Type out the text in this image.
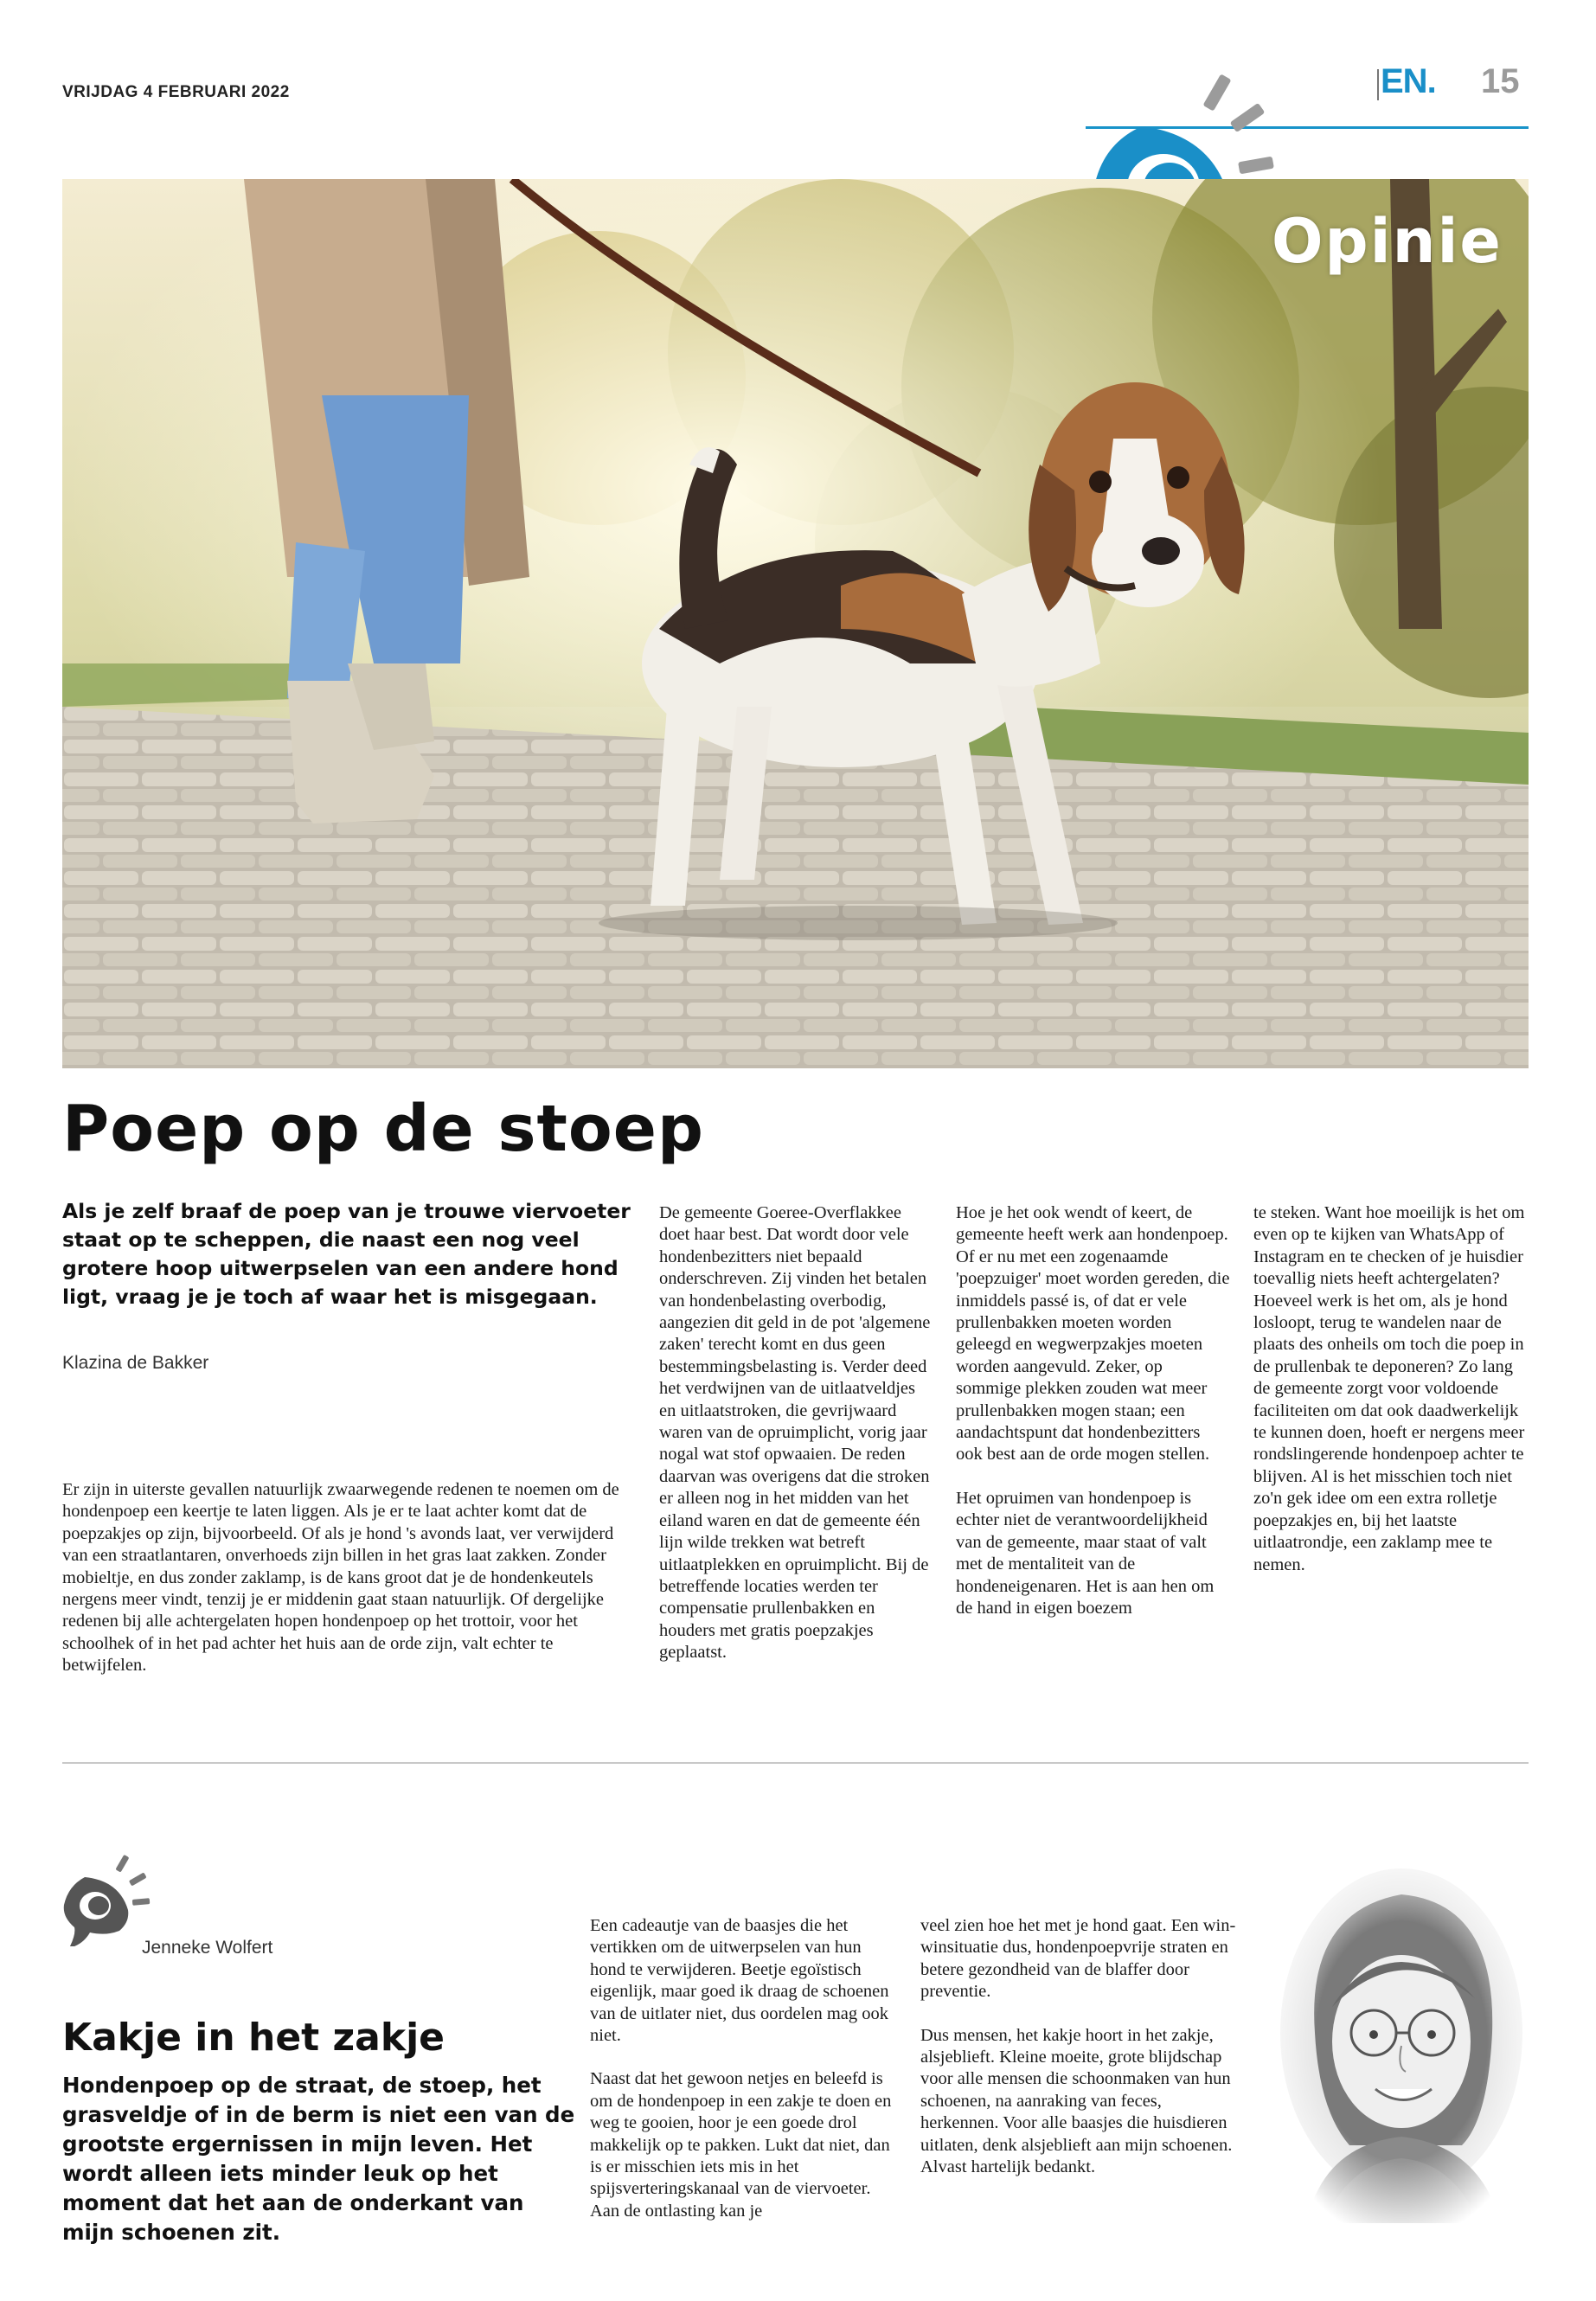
VRIJDAG 4 FEBRUARI 2022	EN. 15
Opinie
Poep op de stoep
Als je zelf braaf de poep van je trouwe viervoeter staat op te scheppen, die naast een nog veel grotere hoop uitwerpselen van een andere hond ligt, vraag je je toch af waar het is misgegaan.
Klazina de Bakker

Er zijn in uiterste gevallen natuurlijk zwaarwegende redenen te noemen om de hondenpoep een keertje te laten liggen. Als je er te laat achter komt dat de poepzakjes op zijn, bijvoorbeeld. Of als je hond 's avonds laat, ver verwijderd van een straatlantaren, onverhoeds zijn billen in het gras laat zakken. Zonder mobieltje, en dus zonder zaklamp, is de kans groot dat je de hondenkeutels nergens meer vindt, tenzij je er middenin gaat staan natuurlijk. Of dergelijke redenen bij alle achtergelaten hopen hondenpoep op het trottoir, voor het schoolhek of in het pad achter het huis aan de orde zijn, valt echter te betwijfelen.

De gemeente Goeree-Overflakkee doet haar best. Dat wordt door vele hondenbezitters niet bepaald onderschreven. Zij vinden het betalen van hondenbelasting overbodig, aangezien dit geld in de pot 'algemene zaken' terecht komt en dus geen bestemmingsbelasting is. Verder deed het verdwijnen van de uitlaatveldjes en uitlaatstroken, die gevrijwaard waren van de opruimplicht, vorig jaar nogal wat stof opwaaien. De reden daarvan was overigens dat die stroken er alleen nog in het midden van het eiland waren en dat de gemeente één lijn wilde trekken wat betreft uitlaatplekken en opruimplicht. Bij de betreffende locaties werden ter compensatie prullenbakken en houders met gratis poepzakjes geplaatst.

Hoe je het ook wendt of keert, de gemeente heeft werk aan hondenpoep. Of er nu met een zogenaamde 'poepzuiger' moet worden gereden, die inmiddels passé is, of dat er vele prullenbakken moeten worden geleegd en wegwerpzakjes moeten worden aangevuld. Zeker, op sommige plekken zouden wat meer prullenbakken mogen staan; een aandachtspunt dat hondenbezitters ook best aan de orde mogen stellen.

Het opruimen van hondenpoep is echter niet de verantwoordelijkheid van de gemeente, maar staat of valt met de mentaliteit van de hondeneigenaren. Het is aan hen om de hand in eigen boezem

te steken. Want hoe moeilijk is het om even op te kijken van WhatsApp of Instagram en te checken of je huisdier toevallig niets heeft achtergelaten? Hoeveel werk is het om, als je hond losloopt, terug te wandelen naar de plaats des onheils om toch die poep in de prullenbak te deponeren? Zo lang de gemeente zorgt voor voldoende faciliteiten om dat ook daadwerkelijk te kunnen doen, hoeft er nergens meer rondslingerende hondenpoep achter te blijven. Al is het misschien toch niet zo'n gek idee om een extra rolletje poepzakjes en, bij het laatste uitlaatrondje, een zaklamp mee te nemen.

Jenneke Wolfert
Kakje in het zakje
Hondenpoep op de straat, de stoep, het grasveldje of in de berm is niet een van de grootste ergernissen in mijn leven. Het wordt alleen iets minder leuk op het moment dat het aan de onderkant van mijn schoenen zit.

Een cadeautje van de baasjes die het vertikken om de uitwerpselen van hun hond te verwijderen. Beetje egoïstisch eigenlijk, maar goed ik draag de schoenen van de uitlater niet, dus oordelen mag ook niet.

Naast dat het gewoon netjes en beleefd is om de hondenpoep in een zakje te doen en weg te gooien, hoor je een goede drol makkelijk op te pakken. Lukt dat niet, dan is er misschien iets mis in het spijsverteringskanaal van de viervoeter. Aan de ontlasting kan je

veel zien hoe het met je hond gaat. Een win-winsituatie dus, hondenpoepvrije straten en betere gezondheid van de blaffer door preventie.

Dus mensen, het kakje hoort in het zakje, alsjeblieft. Kleine moeite, grote blijdschap voor alle mensen die schoonmaken van hun schoenen, na aanraking van feces, herkennen. Voor alle baasjes die huisdieren uitlaten, denk alsjeblieft aan mijn schoenen. Alvast hartelijk bedankt.
